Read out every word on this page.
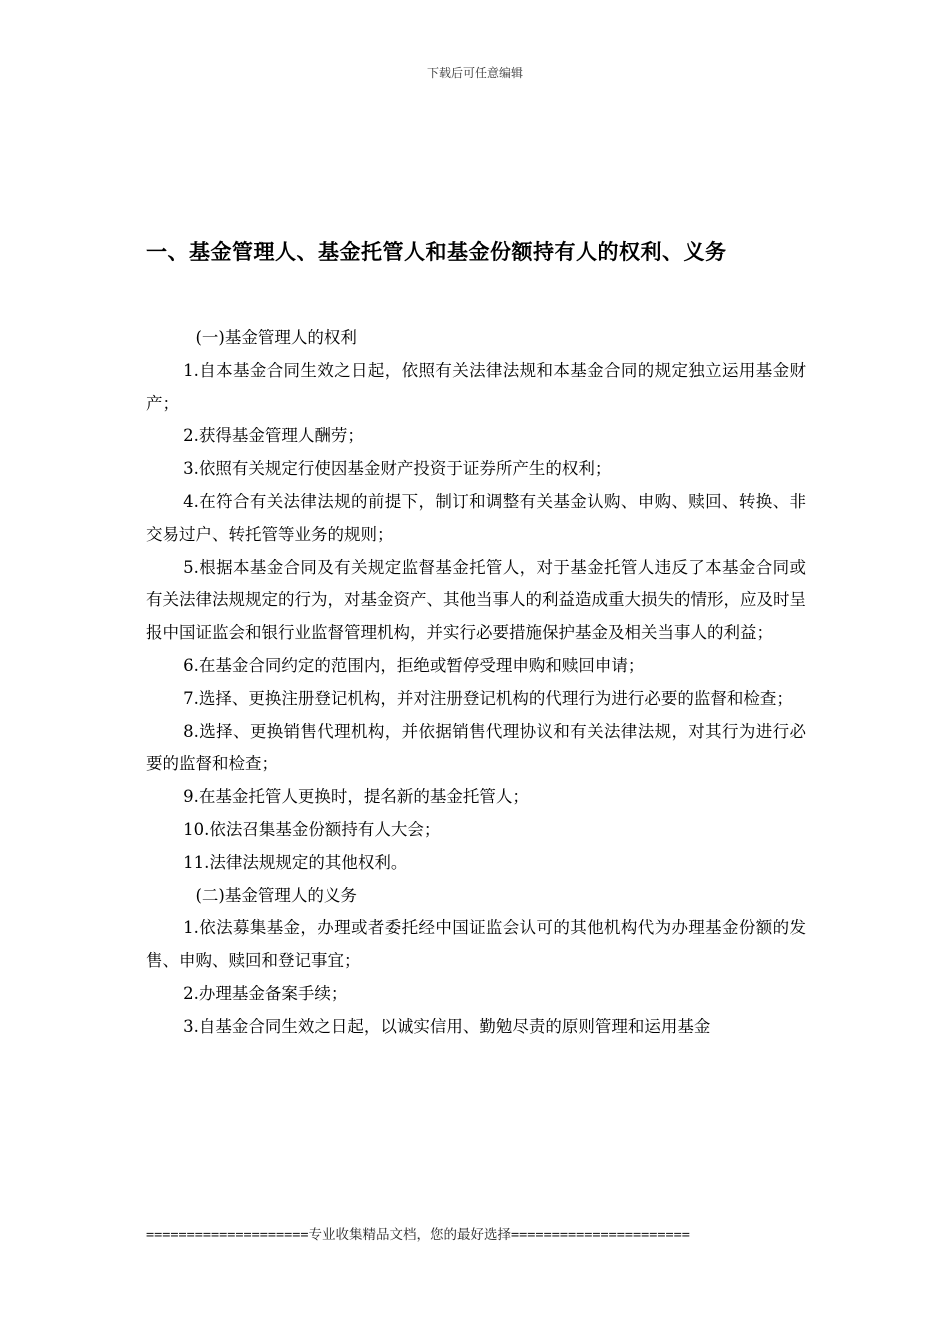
下载后可任意编辑
一、基金管理人、基金托管人和基金份额持有人的权利、义务

(一)基金管理人的权利

1.自本基金合同生效之日起，依照有关法律法规和本基金合同的规定独立运用基金财产；

2.获得基金管理人酬劳；

3.依照有关规定行使因基金财产投资于证券所产生的权利；

4.在符合有关法律法规的前提下，制订和调整有关基金认购、申购、赎回、转换、非交易过户、转托管等业务的规则；

5.根据本基金合同及有关规定监督基金托管人，对于基金托管人违反了本基金合同或有关法律法规规定的行为，对基金资产、其他当事人的利益造成重大损失的情形，应及时呈报中国证监会和银行业监督管理机构，并实行必要措施保护基金及相关当事人的利益；

6.在基金合同约定的范围内，拒绝或暂停受理申购和赎回申请；

7.选择、更换注册登记机构，并对注册登记机构的代理行为进行必要的监督和检查；

8.选择、更换销售代理机构，并依据销售代理协议和有关法律法规，对其行为进行必要的监督和检查；

9.在基金托管人更换时，提名新的基金托管人；

10.依法召集基金份额持有人大会；

11.法律法规规定的其他权利。

(二)基金管理人的义务

1.依法募集基金，办理或者委托经中国证监会认可的其他机构代为办理基金份额的发售、申购、赎回和登记事宜；

2.办理基金备案手续；

3.自基金合同生效之日起，以诚实信用、勤勉尽责的原则管理和运用基金

====================专业收集精品文档，您的最好选择======================
